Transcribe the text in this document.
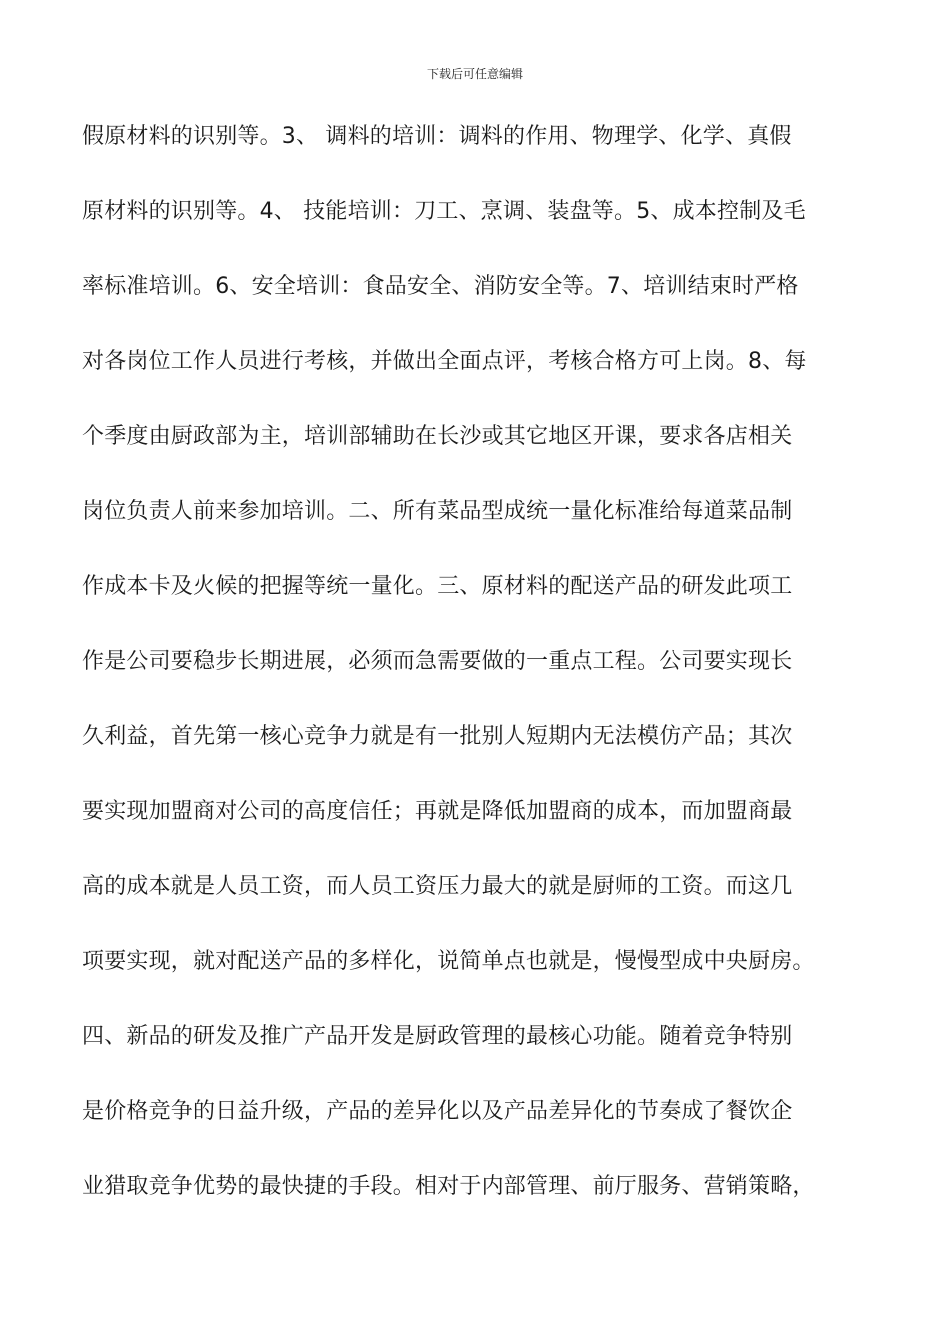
下载后可任意编辑
假原材料的识别等。3、 调料的培训：调料的作用、物理学、化学、真假
原材料的识别等。4、 技能培训：刀工、烹调、装盘等。5、成本控制及毛
率标准培训。6、安全培训：食品安全、消防安全等。7、培训结束时严格
对各岗位工作人员进行考核，并做出全面点评，考核合格方可上岗。8、每
个季度由厨政部为主，培训部辅助在长沙或其它地区开课，要求各店相关
岗位负责人前来参加培训。二、所有菜品型成统一量化标准给每道菜品制
作成本卡及火候的把握等统一量化。三、原材料的配送产品的研发此项工
作是公司要稳步长期进展，必须而急需要做的一重点工程。公司要实现长
久利益，首先第一核心竞争力就是有一批别人短期内无法模仿产品；其次
要实现加盟商对公司的高度信任；再就是降低加盟商的成本，而加盟商最
高的成本就是人员工资，而人员工资压力最大的就是厨师的工资。而这几
项要实现，就对配送产品的多样化，说简单点也就是，慢慢型成中央厨房。
四、新品的研发及推广产品开发是厨政管理的最核心功能。随着竞争特别
是价格竞争的日益升级，产品的差异化以及产品差异化的节奏成了餐饮企
业猎取竞争优势的最快捷的手段。相对于内部管理、前厅服务、营销策略，
